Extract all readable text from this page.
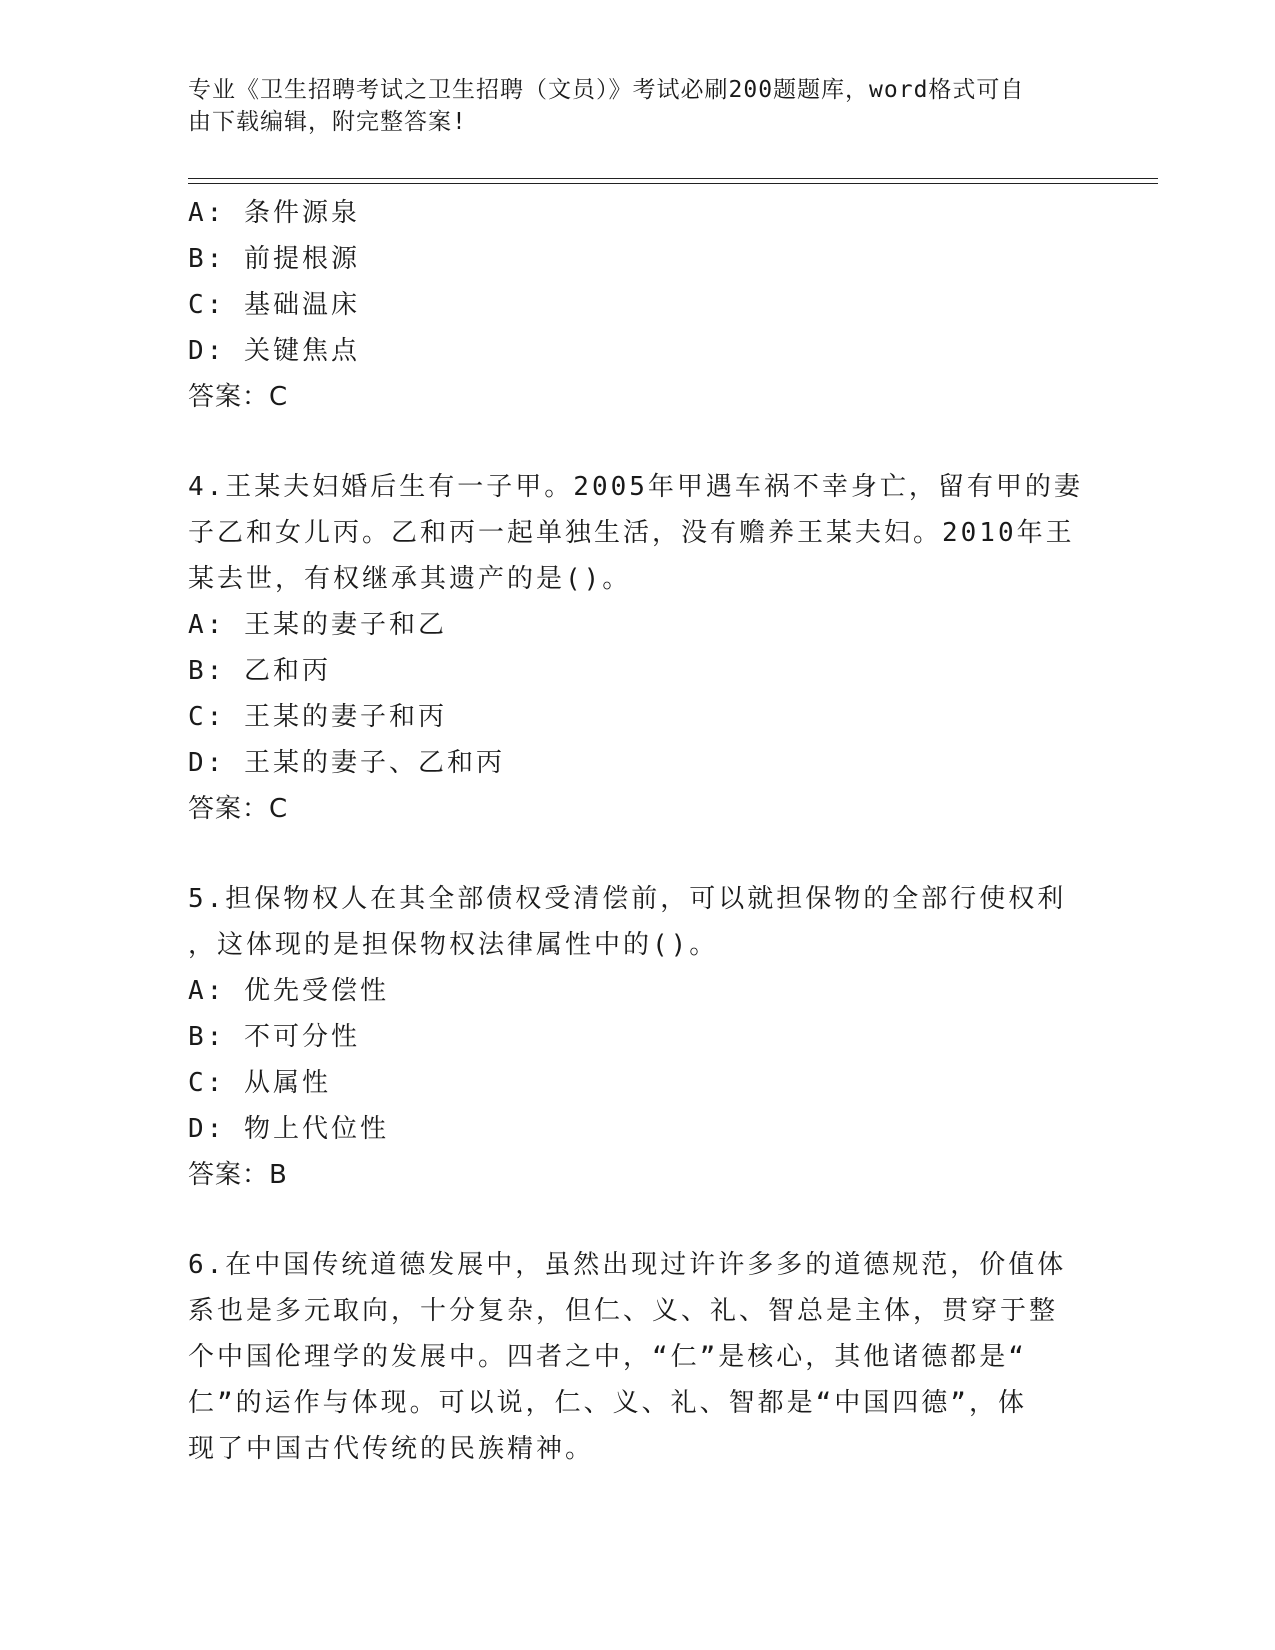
专业《卫生招聘考试之卫生招聘（文员）》考试必刷200题题库，word格式可自
由下载编辑，附完整答案!
A: 条件源泉
B: 前提根源
C: 基础温床
D: 关键焦点
答案：C
4.王某夫妇婚后生有一子甲。2005年甲遇车祸不幸身亡，留有甲的妻
子乙和女儿丙。乙和丙一起单独生活，没有赡养王某夫妇。2010年王
某去世，有权继承其遗产的是()。
A: 王某的妻子和乙
B: 乙和丙
C: 王某的妻子和丙
D: 王某的妻子、乙和丙
答案：C
5.担保物权人在其全部债权受清偿前，可以就担保物的全部行使权利
，这体现的是担保物权法律属性中的()。
A: 优先受偿性
B: 不可分性
C: 从属性
D: 物上代位性
答案：B
6.在中国传统道德发展中，虽然出现过许许多多的道德规范，价值体
系也是多元取向，十分复杂，但仁、义、礼、智总是主体，贯穿于整
个中国伦理学的发展中。四者之中，“仁”是核心，其他诸德都是“
仁”的运作与体现。可以说，仁、义、礼、智都是“中国四德”，体
现了中国古代传统的民族精神。
